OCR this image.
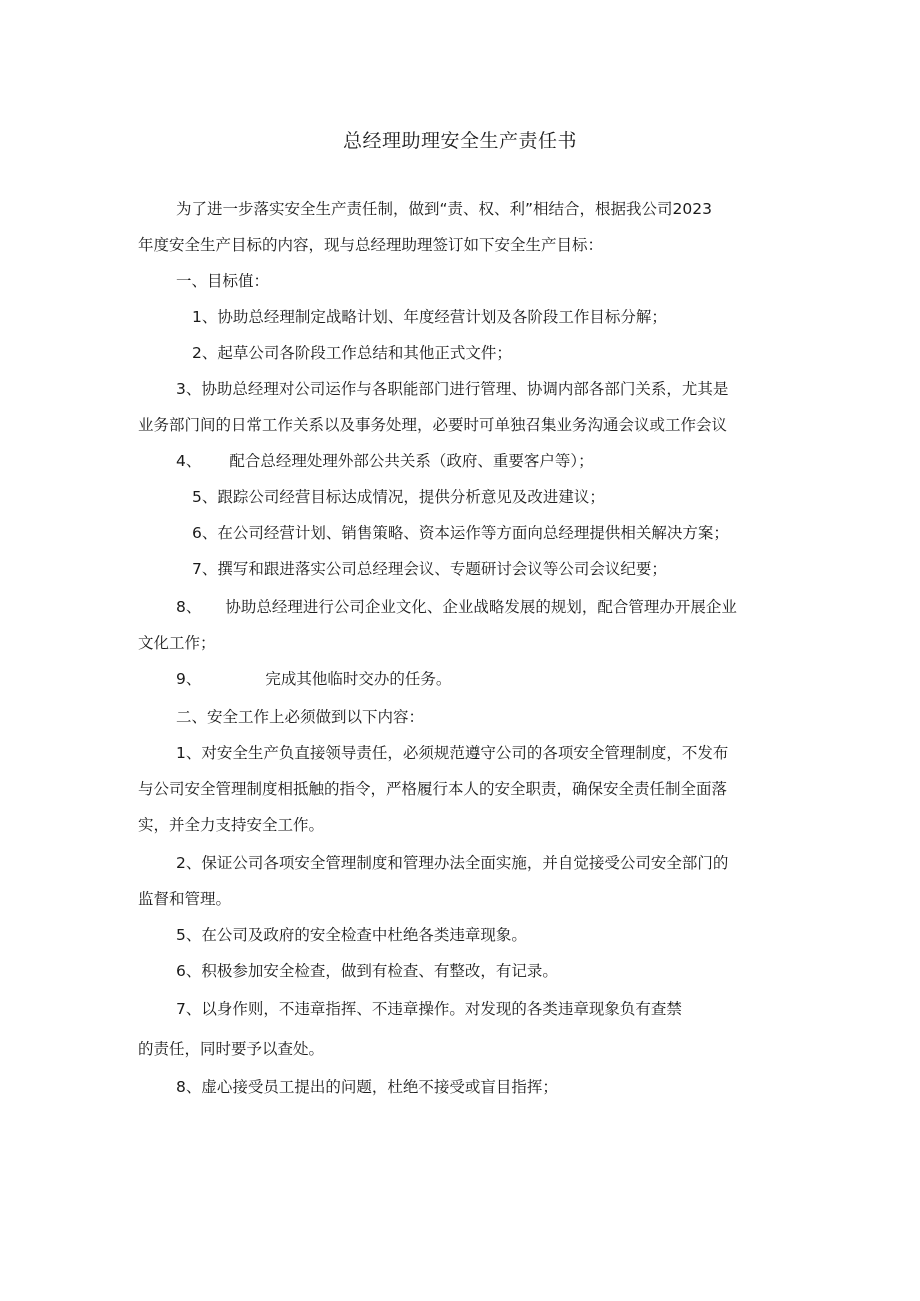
总经理助理安全生产责任书
为了进一步落实安全生产责任制，做到“责、权、利”相结合，根据我公司2023
年度安全生产目标的内容，现与总经理助理签订如下安全生产目标：
一、目标值：
1、协助总经理制定战略计划、年度经营计划及各阶段工作目标分解；
2、起草公司各阶段工作总结和其他正式文件；
3、协助总经理对公司运作与各职能部门进行管理、协调内部各部门关系，尤其是
业务部门间的日常工作关系以及事务处理，必要时可单独召集业务沟通会议或工作会议
4、 配合总经理处理外部公共关系（政府、重要客户等）；
5、跟踪公司经营目标达成情况，提供分析意见及改进建议；
6、在公司经营计划、销售策略、资本运作等方面向总经理提供相关解决方案；
7、撰写和跟进落实公司总经理会议、专题研讨会议等公司会议纪要；
8、 协助总经理进行公司企业文化、企业战略发展的规划，配合管理办开展企业
文化工作；
9、	完成其他临时交办的任务。
二、安全工作上必须做到以下内容：
1、对安全生产负直接领导责任，必须规范遵守公司的各项安全管理制度，不发布
与公司安全管理制度相抵触的指令，严格履行本人的安全职责，确保安全责任制全面落
实，并全力支持安全工作。
2、保证公司各项安全管理制度和管理办法全面实施，并自觉接受公司安全部门的
监督和管理。
5、在公司及政府的安全检查中杜绝各类违章现象。
6、积极参加安全检查，做到有检查、有整改，有记录。
7、以身作则，不违章指挥、不违章操作。对发现的各类违章现象负有查禁
的责任，同时要予以查处。
8、虚心接受员工提出的问题，杜绝不接受或盲目指挥；
